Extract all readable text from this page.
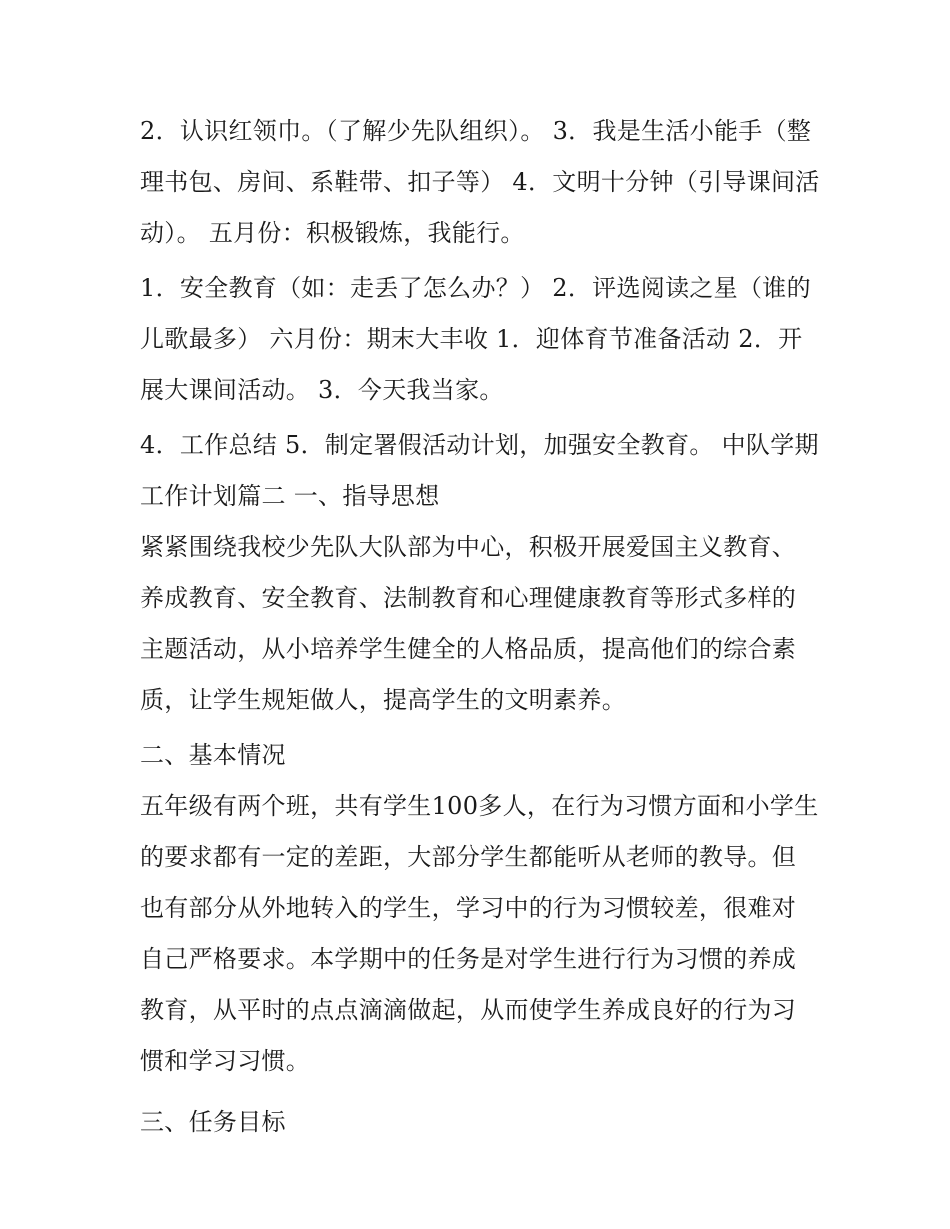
2．认识红领巾。（了解少先队组织）。 3．我是生活小能手（整理书包、房间、系鞋带、扣子等） 4．文明十分钟（引导课间活动）。 五月份：积极锻炼，我能行。

1．安全教育（如：走丢了怎么办？） 2．评选阅读之星（谁的儿歌最多） 六月份：期末大丰收 1．迎体育节准备活动 2．开展大课间活动。 3．今天我当家。

4．工作总结 5．制定署假活动计划，加强安全教育。 中队学期工作计划篇二 一、指导思想

紧紧围绕我校少先队大队部为中心，积极开展爱国主义教育、养成教育、安全教育、法制教育和心理健康教育等形式多样的主题活动，从小培养学生健全的人格品质，提高他们的综合素质，让学生规矩做人，提高学生的文明素养。

二、基本情况

五年级有两个班，共有学生100多人，在行为习惯方面和小学生的要求都有一定的差距，大部分学生都能听从老师的教导。但也有部分从外地转入的学生，学习中的行为习惯较差，很难对自己严格要求。本学期中的任务是对学生进行行为习惯的养成教育，从平时的点点滴滴做起，从而使学生养成良好的行为习惯和学习习惯。

三、任务目标
